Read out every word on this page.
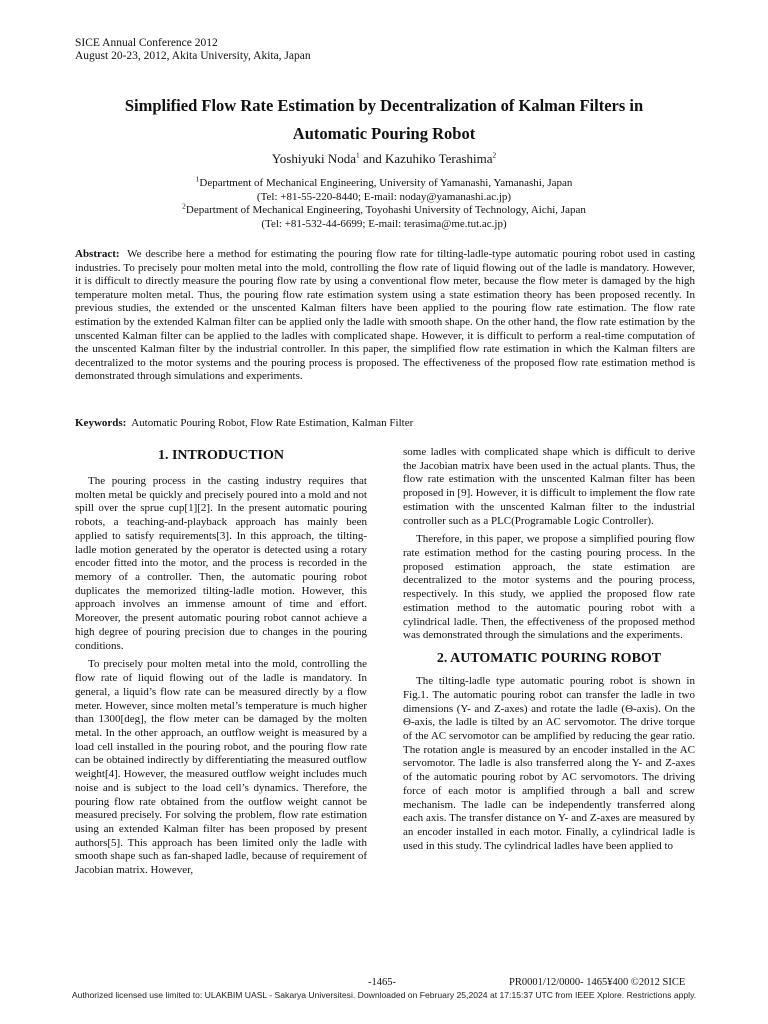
SICE Annual Conference 2012
August 20-23, 2012, Akita University, Akita, Japan
Simplified Flow Rate Estimation by Decentralization of Kalman Filters in
Automatic Pouring Robot
Yoshiyuki Noda$^1$ and Kazuhiko Terashima$^2$
$^1$Department of Mechanical Engineering, University of Yamanashi, Yamanashi, Japan
(Tel: +81-55-220-8440; E-mail: noday@yamanashi.ac.jp)
$^2$Department of Mechanical Engineering, Toyohashi University of Technology, Aichi, Japan
(Tel: +81-532-44-6699; E-mail: terasima@me.tut.ac.jp)
Abstract: We describe here a method for estimating the pouring flow rate for tilting-ladle-type automatic pouring robot used in casting industries. To precisely pour molten metal into the mold, controlling the flow rate of liquid flowing out of the ladle is mandatory. However, it is difficult to directly measure the pouring flow rate by using a conventional flow meter, because the flow meter is damaged by the high temperature molten metal. Thus, the pouring flow rate estimation system using a state estimation theory has been proposed recently. In previous studies, the extended or the unscented Kalman filters have been applied to the pouring flow rate estimation. The flow rate estimation by the extended Kalman filter can be applied only the ladle with smooth shape. On the other hand, the flow rate estimation by the unscented Kalman filter can be applied to the ladles with complicated shape. However, it is difficult to perform a real-time computation of the unscented Kalman filter by the industrial controller. In this paper, the simplified flow rate estimation in which the Kalman filters are decentralized to the motor systems and the pouring process is proposed. The effectiveness of the proposed flow rate estimation method is demonstrated through simulations and experiments.
Keywords: Automatic Pouring Robot, Flow Rate Estimation, Kalman Filter
1. INTRODUCTION

The pouring process in the casting industry requires that molten metal be quickly and precisely poured into a mold and not spill over the sprue cup[1][2]. In the present automatic pouring robots, a teaching-and-playback approach has mainly been applied to satisfy requirements[3]. In this approach, the tilting-ladle motion generated by the operator is detected using a rotary encoder fitted into the motor, and the process is recorded in the memory of a controller. Then, the automatic pouring robot duplicates the memorized tilting-ladle motion. However, this approach involves an immense amount of time and effort. Moreover, the present automatic pouring robot cannot achieve a high degree of pouring precision due to changes in the pouring conditions.

To precisely pour molten metal into the mold, controlling the flow rate of liquid flowing out of the ladle is mandatory. In general, a liquid’s flow rate can be measured directly by a flow meter. However, since molten metal’s temperature is much higher than 1300[deg], the flow meter can be damaged by the molten metal. In the other approach, an outflow weight is measured by a load cell installed in the pouring robot, and the pouring flow rate can be obtained indirectly by differentiating the measured outflow weight[4]. However, the measured outflow weight includes much noise and is subject to the load cell’s dynamics. Therefore, the pouring flow rate obtained from the outflow weight cannot be measured precisely. For solving the problem, flow rate estimation using an extended Kalman filter has been proposed by present authors[5]. This approach has been limited only the ladle with smooth shape such as fan-shaped ladle, because of requirement of Jacobian matrix. However,

some ladles with complicated shape which is difficult to derive the Jacobian matrix have been used in the actual plants. Thus, the flow rate estimation with the unscented Kalman filter has been proposed in [9]. However, it is difficult to implement the flow rate estimation with the unscented Kalman filter to the industrial controller such as a PLC(Programable Logic Controller).

Therefore, in this paper, we propose a simplified pouring flow rate estimation method for the casting pouring process. In the proposed estimation approach, the state estimation are decentralized to the motor systems and the pouring process, respectively. In this study, we applied the proposed flow rate estimation method to the automatic pouring robot with a cylindrical ladle. Then, the effectiveness of the proposed method was demonstrated through the simulations and the experiments.

2. AUTOMATIC POURING ROBOT

The tilting-ladle type automatic pouring robot is shown in Fig.1. The automatic pouring robot can transfer the ladle in two dimensions (Y- and Z-axes) and rotate the ladle (Θ-axis). On the Θ-axis, the ladle is tilted by an AC servomotor. The drive torque of the AC servomotor can be amplified by reducing the gear ratio. The rotation angle is measured by an encoder installed in the AC servomotor. The ladle is also transferred along the Y- and Z-axes of the automatic pouring robot by AC servomotors. The driving force of each motor is amplified through a ball and screw mechanism. The ladle can be independently transferred along each axis. The transfer distance on Y- and Z-axes are measured by an encoder installed in each motor. Finally, a cylindrical ladle is used in this study. The cylindrical ladles have been applied to

-1465-	PR0001/12/0000- 1465¥400 ©2012 SICE
Authorized licensed use limited to: ULAKBIM UASL - Sakarya Universitesi. Downloaded on February 25,2024 at 17:15:37 UTC from IEEE Xplore. Restrictions apply.
